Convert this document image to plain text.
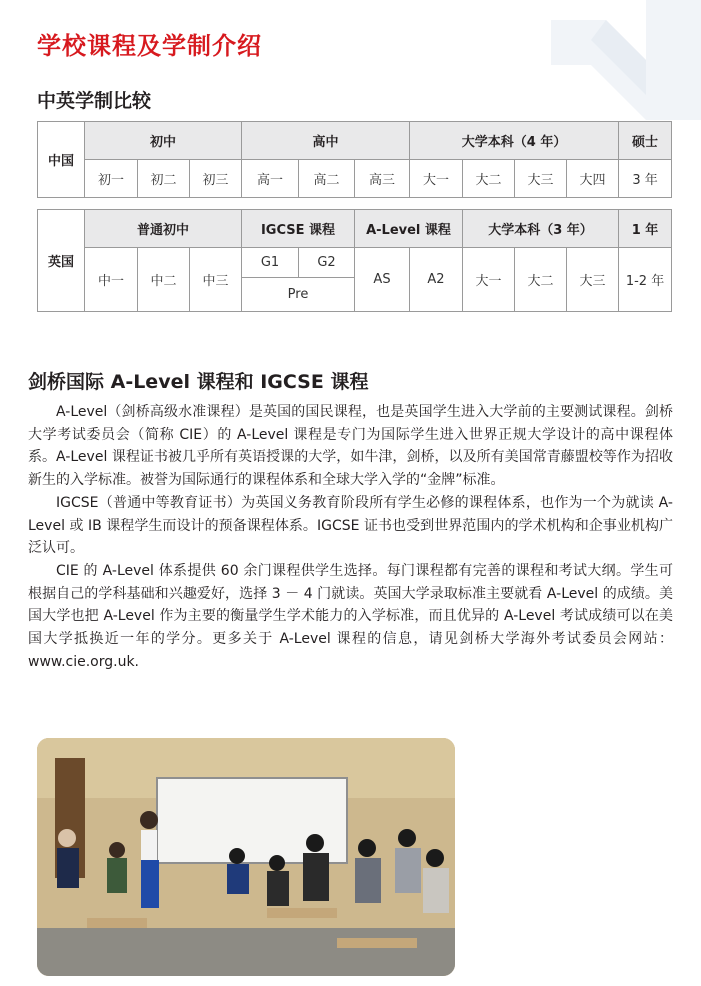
学校课程及学制介绍
中英学制比较
中国	初中			高中			大学本科（4 年）				硕士
	初一	初二	初三	高一	高二	高三	大一	大二	大三	大四	3 年
英国	普通初中			IGCSE 课程		A-Level 课程		大学本科（3 年）			1 年
	中一	中二	中三	G1	G2	AS	A2	大一	大二	大三	1-2 年
				Pre							
剑桥国际 A-Level 课程和 IGCSE 课程

A-Level（剑桥高级水准课程）是英国的国民课程，也是英国学生进入大学前的主要测试课程。剑桥大学考试委员会（简称 CIE）的 A-Level 课程是专门为国际学生进入世界正规大学设计的高中课程体系。A-Level 课程证书被几乎所有英语授课的大学，如牛津，剑桥，以及所有美国常青藤盟校等作为招收新生的入学标准。被誉为国际通行的课程体系和全球大学入学的“金牌”标准。

IGCSE（普通中等教育证书）为英国义务教育阶段所有学生必修的课程体系，也作为一个为就读 A-Level 或 IB 课程学生而设计的预备课程体系。IGCSE 证书也受到世界范围内的学术机构和企事业机构广泛认可。

CIE 的 A-Level 体系提供 60 余门课程供学生选择。每门课程都有完善的课程和考试大纲。学生可根据自己的学科基础和兴趣爱好，选择 3 － 4 门就读。英国大学录取标准主要就看 A-Level 的成绩。美国大学也把 A-Level 作为主要的衡量学生学术能力的入学标准，而且优异的 A-Level 考试成绩可以在美国大学抵换近一年的学分。更多关于 A-Level 课程的信息，请见剑桥大学海外考试委员会网站：www.cie.org.uk.
